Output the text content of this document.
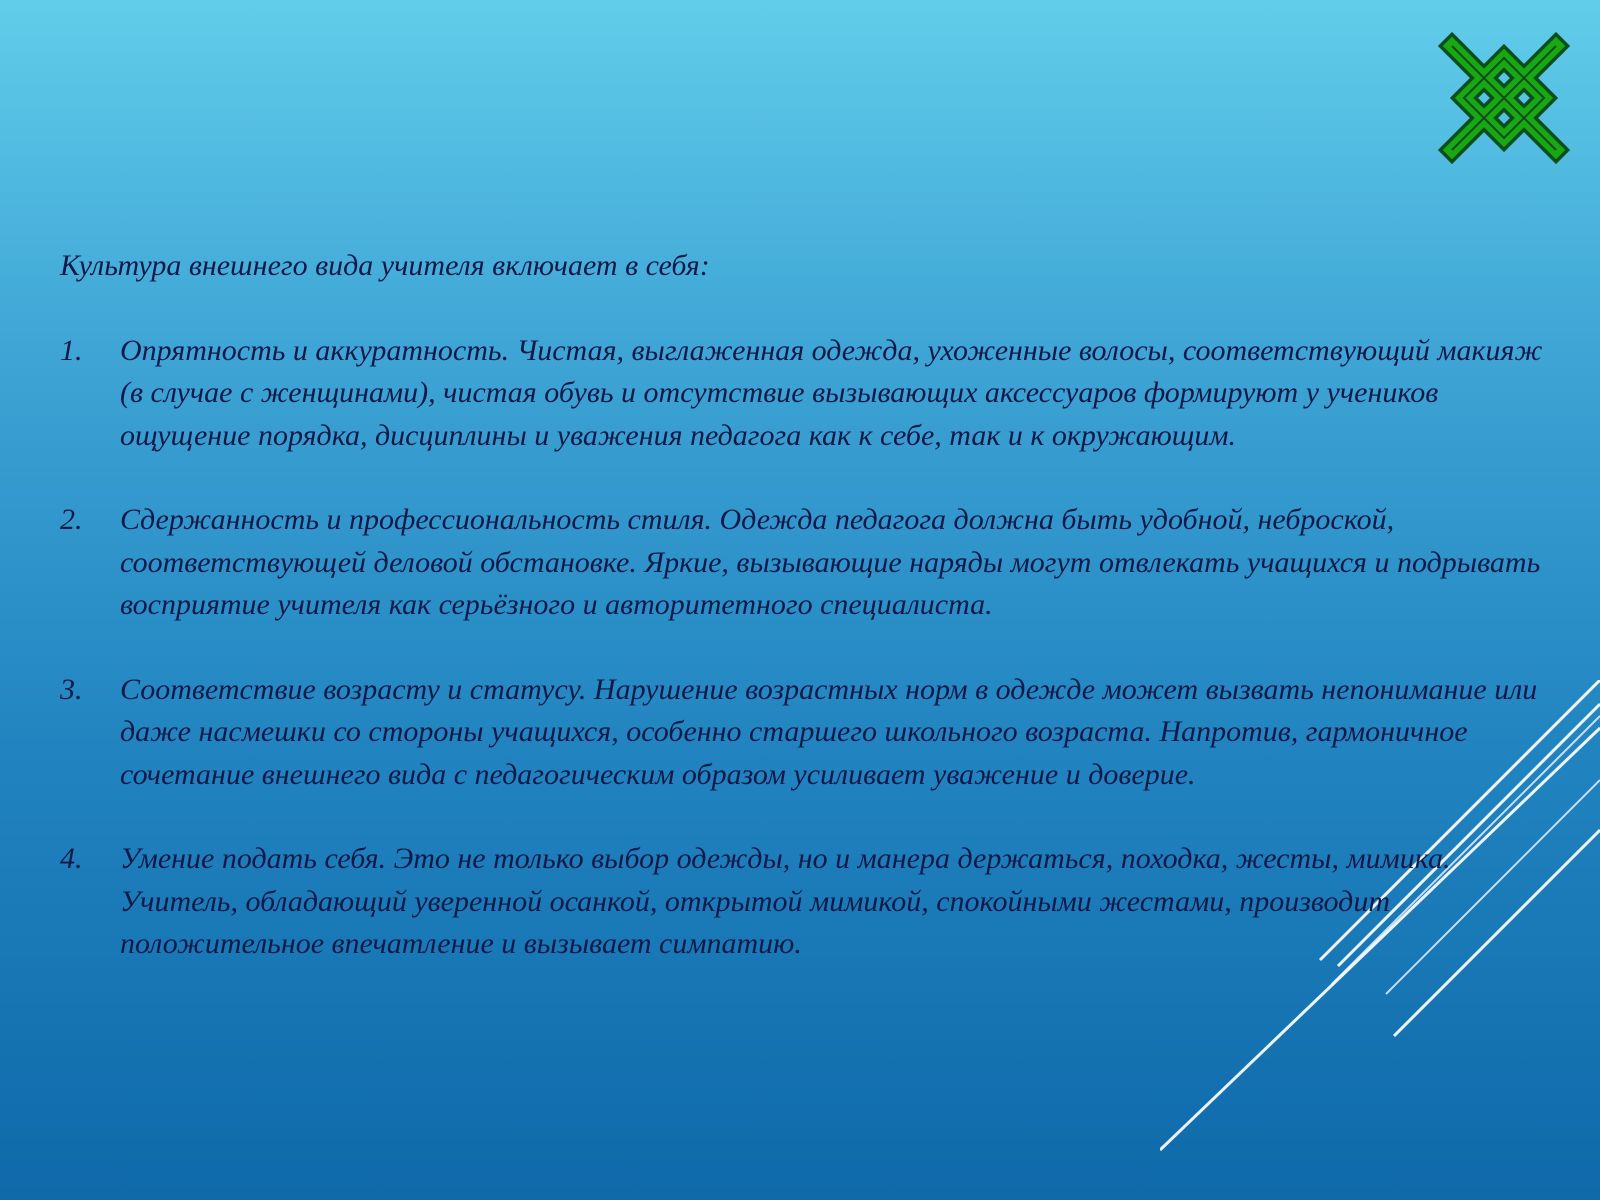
Культура внешнего вида учителя включает в себя:

1. Опрятность и аккуратность. Чистая, выглаженная одежда, ухоженные волосы, соответствующий макияж (в случае с женщинами), чистая обувь и отсутствие вызывающих аксессуаров формируют у учеников ощущение порядка, дисциплины и уважения педагога как к себе, так и к окружающим.
2. Сдержанность и профессиональность стиля. Одежда педагога должна быть удобной, неброской, соответствующей деловой обстановке. Яркие, вызывающие наряды могут отвлекать учащихся и подрывать восприятие учителя как серьёзного и авторитетного специалиста.
3. Соответствие возрасту и статусу. Нарушение возрастных норм в одежде может вызвать непонимание или даже насмешки со стороны учащихся, особенно старшего школьного возраста. Напротив, гармоничное сочетание внешнего вида с педагогическим образом усиливает уважение и доверие.
4. Умение подать себя. Это не только выбор одежды, но и манера держаться, походка, жесты, мимика. Учитель, обладающий уверенной осанкой, открытой мимикой, спокойными жестами, производит положительное впечатление и вызывает симпатию.
